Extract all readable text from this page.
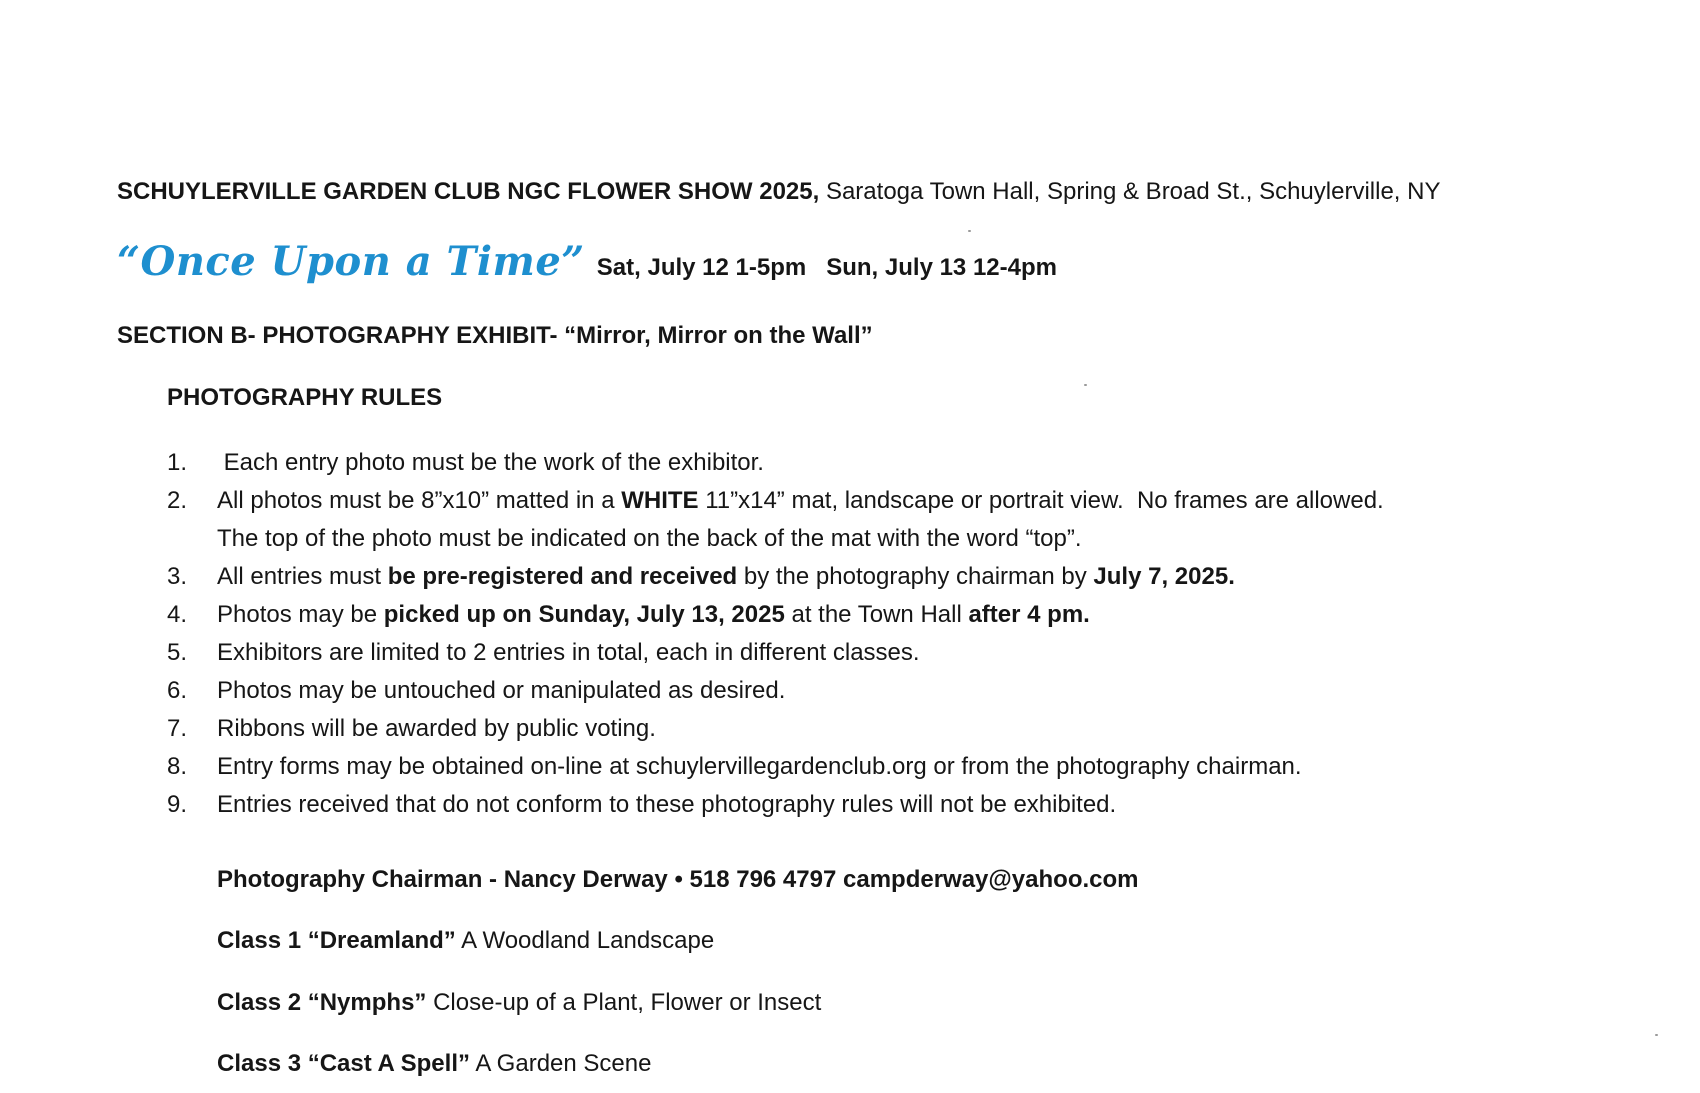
SCHUYLERVILLE GARDEN CLUB NGC FLOWER SHOW 2025, Saratoga Town Hall, Spring & Broad St., Schuylerville, NY
“Once Upon a Time” Sat, July 12 1-5pm   Sun, July 13 12-4pm
SECTION B- PHOTOGRAPHY EXHIBIT- “Mirror, Mirror on the Wall”
PHOTOGRAPHY RULES
1. Each entry photo must be the work of the exhibitor.
2. All photos must be 8”x10” matted in a WHITE 11”x14” mat, landscape or portrait view.  No frames are allowed.
The top of the photo must be indicated on the back of the mat with the word “top”.
3. All entries must be pre-registered and received by the photography chairman by July 7, 2025.
4. Photos may be picked up on Sunday, July 13, 2025 at the Town Hall after 4 pm.
5. Exhibitors are limited to 2 entries in total, each in different classes.
6. Photos may be untouched or manipulated as desired.
7. Ribbons will be awarded by public voting.
8. Entry forms may be obtained on-line at schuylervillegardenclub.org or from the photography chairman.
9. Entries received that do not conform to these photography rules will not be exhibited.
Photography Chairman - Nancy Derway • 518 796 4797 campderway@yahoo.com
Class 1 “Dreamland” A Woodland Landscape
Class 2 “Nymphs” Close-up of a Plant, Flower or Insect
Class 3 “Cast A Spell” A Garden Scene
